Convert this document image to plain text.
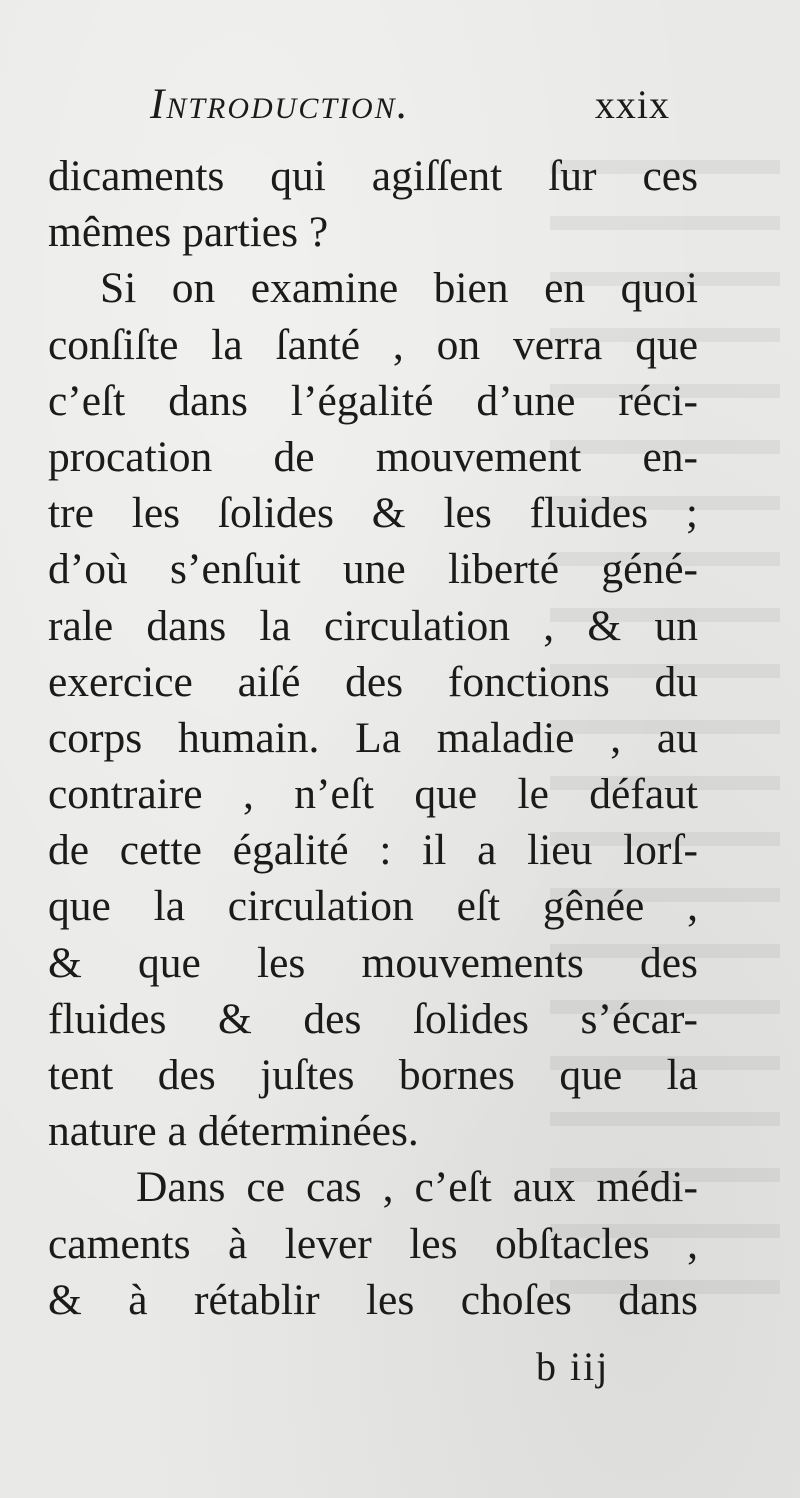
Introduction.	xxix
dicaments qui agiſſent ſur ces
mêmes parties ?
Si on examine bien en quoi
conſiſte la ſanté , on verra que
c’eſt dans l’égalité d’une réci-
procation de mouvement en-
tre les ſolides & les fluides ;
d’où s’enſuit une liberté géné-
rale dans la circulation , & un
exercice aiſé des fonctions du
corps humain. La maladie , au
contraire , n’eſt que le défaut
de cette égalité : il a lieu lorſ-
que la circulation eſt gênée ,
& que les mouvements des
fluides & des ſolides s’écar-
tent des juſtes bornes que la
nature a déterminées.
Dans ce cas , c’eſt aux médi-
caments à lever les obſtacles ,
& à rétablir les choſes dans
b iij
